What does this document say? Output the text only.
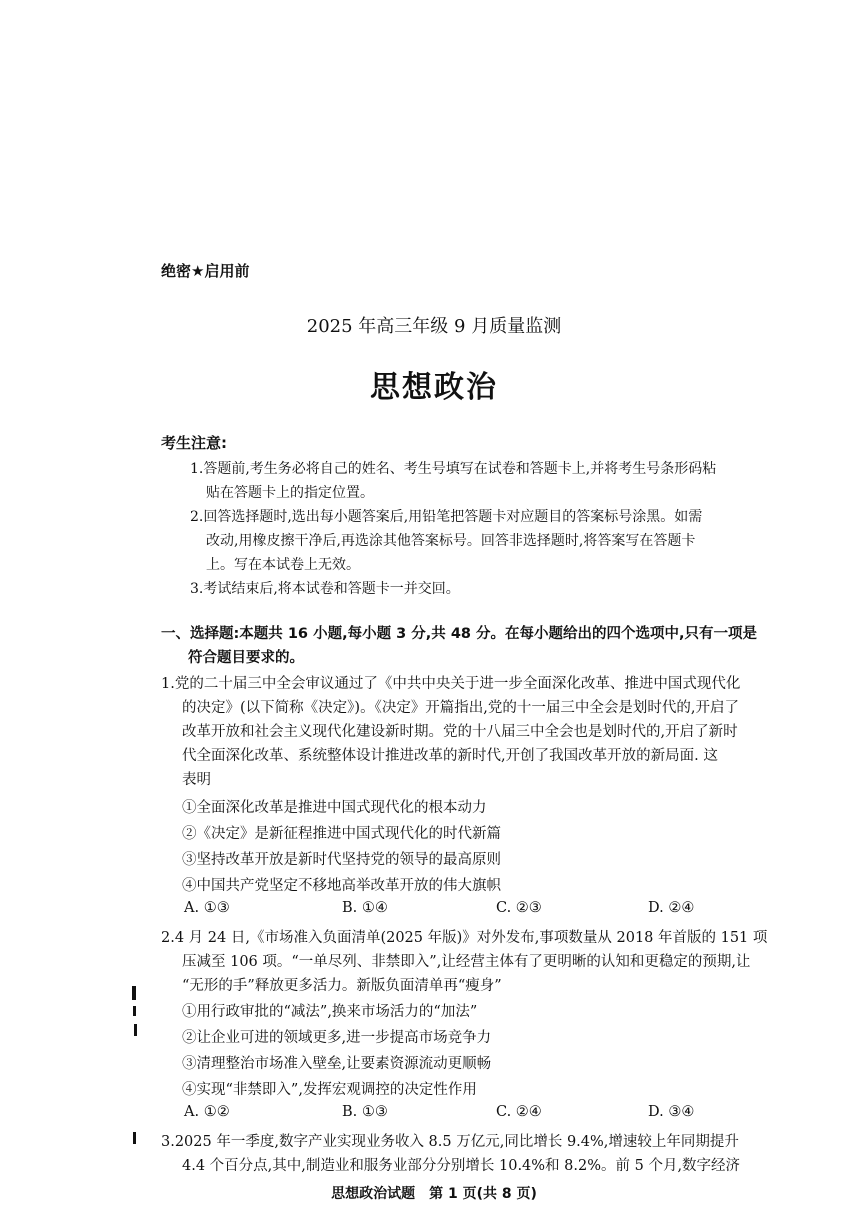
绝密★启用前
2025 年高三年级 9 月质量监测
思想政治
考生注意:
1.答题前,考生务必将自己的姓名、考生号填写在试卷和答题卡上,并将考生号条形码粘
贴在答题卡上的指定位置。
2.回答选择题时,选出每小题答案后,用铅笔把答题卡对应题目的答案标号涂黑。如需
改动,用橡皮擦干净后,再选涂其他答案标号。回答非选择题时,将答案写在答题卡
上。写在本试卷上无效。
3.考试结束后,将本试卷和答题卡一并交回。
一、选择题:本题共 16 小题,每小题 3 分,共 48 分。在每小题给出的四个选项中,只有一项是
符合题目要求的。
1.党的二十届三中全会审议通过了《中共中央关于进一步全面深化改革、推进中国式现代化
的决定》(以下简称《决定》)。《决定》开篇指出,党的十一届三中全会是划时代的,开启了
改革开放和社会主义现代化建设新时期。党的十八届三中全会也是划时代的,开启了新时
代全面深化改革、系统整体设计推进改革的新时代,开创了我国改革开放的新局面. 这
表明
①全面深化改革是推进中国式现代化的根本动力
②《决定》是新征程推进中国式现代化的时代新篇
③坚持改革开放是新时代坚持党的领导的最高原则
④中国共产党坚定不移地高举改革开放的伟大旗帜
A. ①③	B. ①④	C. ②③	D. ②④
2.4 月 24 日,《市场准入负面清单(2025 年版)》对外发布,事项数量从 2018 年首版的 151 项
压减至 106 项。“一单尽列、非禁即入”,让经营主体有了更明晰的认知和更稳定的预期,让
“无形的手”释放更多活力。新版负面清单再“瘦身”
①用行政审批的“减法”,换来市场活力的“加法”
②让企业可进的领域更多,进一步提高市场竞争力
③清理整治市场准入壁垒,让要素资源流动更顺畅
④实现“非禁即入”,发挥宏观调控的决定性作用
A. ①②	B. ①③	C. ②④	D. ③④
3.2025 年一季度,数字产业实现业务收入 8.5 万亿元,同比增长 9.4%,增速较上年同期提升
4.4 个百分点,其中,制造业和服务业部分分别增长 10.4%和 8.2%。前 5 个月,数字经济
思想政治试题　第 1 页(共 8 页)
